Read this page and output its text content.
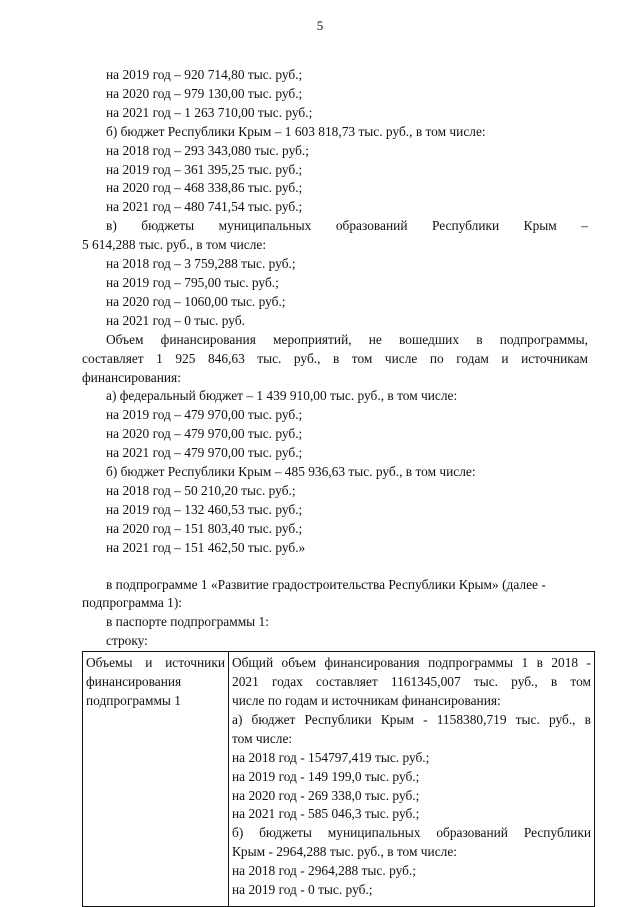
5
на 2019 год – 920 714,80 тыс. руб.;
на 2020 год – 979 130,00 тыс. руб.;
на 2021 год – 1 263 710,00 тыс. руб.;
б) бюджет Республики Крым – 1 603 818,73 тыс. руб., в том числе:
на 2018 год – 293 343,080 тыс. руб.;
на 2019 год – 361 395,25 тыс. руб.;
на 2020 год – 468 338,86 тыс. руб.;
на 2021 год – 480 741,54 тыс. руб.;
в) бюджеты муниципальных образований Республики Крым –
5 614,288 тыс. руб., в том числе:
на 2018 год – 3 759,288 тыс. руб.;
на 2019 год – 795,00 тыс. руб.;
на 2020 год – 1060,00 тыс. руб.;
на 2021 год – 0 тыс. руб.
Объем финансирования мероприятий, не вошедших в подпрограммы,
составляет 1 925 846,63 тыс. руб., в том числе по годам и источникам
финансирования:
а) федеральный бюджет – 1 439 910,00 тыс. руб., в том числе:
на 2019 год – 479 970,00 тыс. руб.;
на 2020 год – 479 970,00 тыс. руб.;
на 2021 год – 479 970,00 тыс. руб.;
б) бюджет Республики Крым – 485 936,63 тыс. руб., в том числе:
на 2018 год – 50 210,20 тыс. руб.;
на 2019 год – 132 460,53 тыс. руб.;
на 2020 год – 151 803,40 тыс. руб.;
на 2021 год – 151 462,50 тыс. руб.»
в подпрограмме 1 «Развитие градостроительства Республики Крым» (далее -
подпрограмма 1):
в паспорте подпрограммы 1:
строку:
Объемы и источники
финансирования
подпрограммы 1

Общий объем финансирования подпрограммы 1 в 2018 -
2021 годах составляет 1161345,007 тыс. руб., в том
числе по годам и источникам финансирования:
а) бюджет Республики Крым - 1158380,719 тыс. руб., в
том числе:
на 2018 год - 154797,419 тыс. руб.;
на 2019 год - 149 199,0 тыс. руб.;
на 2020 год - 269 338,0 тыс. руб.;
на 2021 год - 585 046,3 тыс. руб.;
б) бюджеты муниципальных образований Республики
Крым - 2964,288 тыс. руб., в том числе:
на 2018 год - 2964,288 тыс. руб.;
на 2019 год - 0 тыс. руб.;
